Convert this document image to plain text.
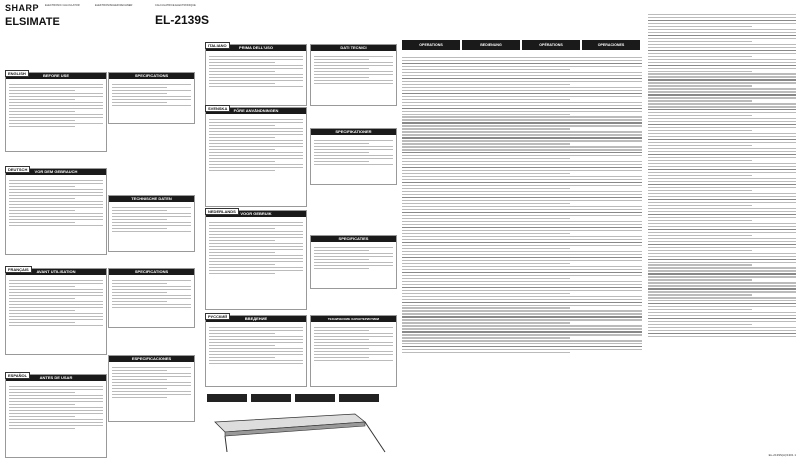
SHARP ELECTRONIC CALCULATOR	ELEKTRONISCHER RECHNER	CALCULATRICE ELECTRONIQUE
ELSIMATE	EL-2139S
BEFORE USE
ENGLISH	SPECIFICATIONS
VOR DEM GEBRAUCH
DEUTSCH
TECHNISCHE DATEN
AVANT UTILISATION
FRANÇAIS	SPECIFICATIONS
ANTES DE USAR
ESPAÑOL
ESPECIFICACIONES
PRIMA DELL'USO
ITALIANO	DATI TECNICI
FÖRE ANVÄNDNINGEN
SVENSKA
SPECIFIKATIONER
VOOR GEBRUIK
NEDERLANDS
SPECIFICATIES
ВВЕДЕНИЕ
РУССКИЙ	ТЕХНИЧЕСКИЕ ХАРАКТЕРИСТИКИ
OPERATIONS	BEDIENUNG	OPÉRATIONS	OPERACIONES
EL-2139S(A)/1301 1
